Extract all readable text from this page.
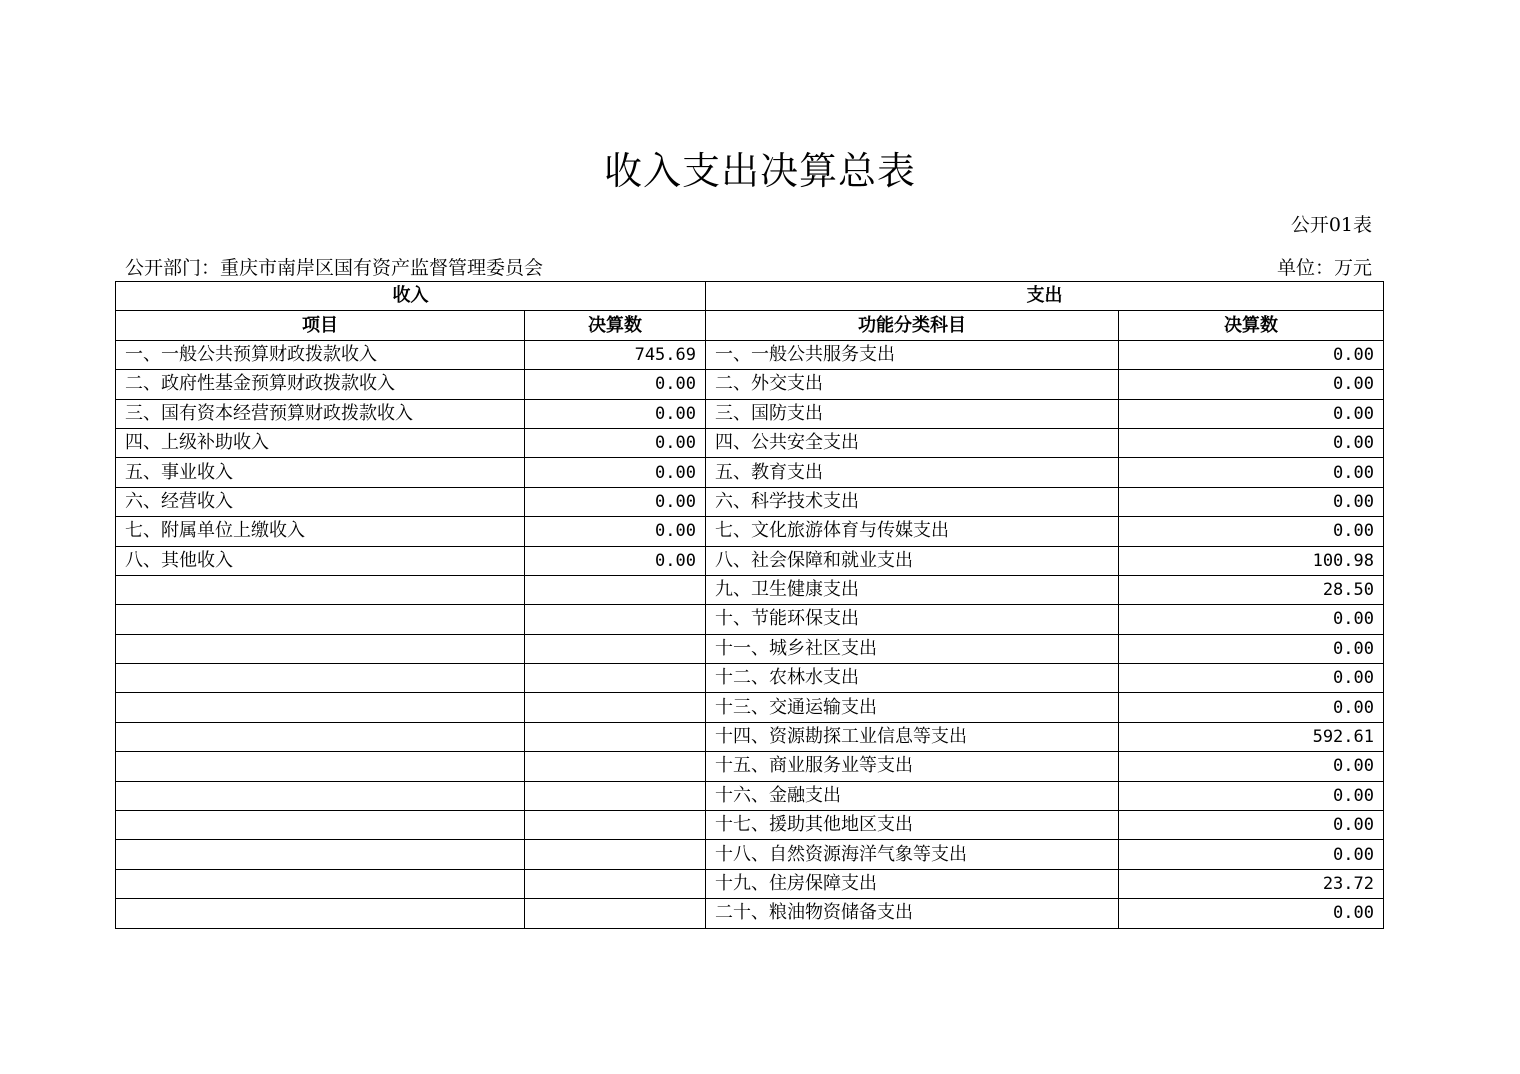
收入支出决算总表
公开01表
公开部门：重庆市南岸区国有资产监督管理委员会	单位：万元
收入		支出	
项目	决算数	功能分类科目	决算数
一、一般公共预算财政拨款收入	745.69	一、一般公共服务支出	0.00
二、政府性基金预算财政拨款收入	0.00	二、外交支出	0.00
三、国有资本经营预算财政拨款收入	0.00	三、国防支出	0.00
四、上级补助收入	0.00	四、公共安全支出	0.00
五、事业收入	0.00	五、教育支出	0.00
六、经营收入	0.00	六、科学技术支出	0.00
七、附属单位上缴收入	0.00	七、文化旅游体育与传媒支出	0.00
八、其他收入	0.00	八、社会保障和就业支出	100.98
		九、卫生健康支出	28.50
		十、节能环保支出	0.00
		十一、城乡社区支出	0.00
		十二、农林水支出	0.00
		十三、交通运输支出	0.00
		十四、资源勘探工业信息等支出	592.61
		十五、商业服务业等支出	0.00
		十六、金融支出	0.00
		十七、援助其他地区支出	0.00
		十八、自然资源海洋气象等支出	0.00
		十九、住房保障支出	23.72
		二十、粮油物资储备支出	0.00
